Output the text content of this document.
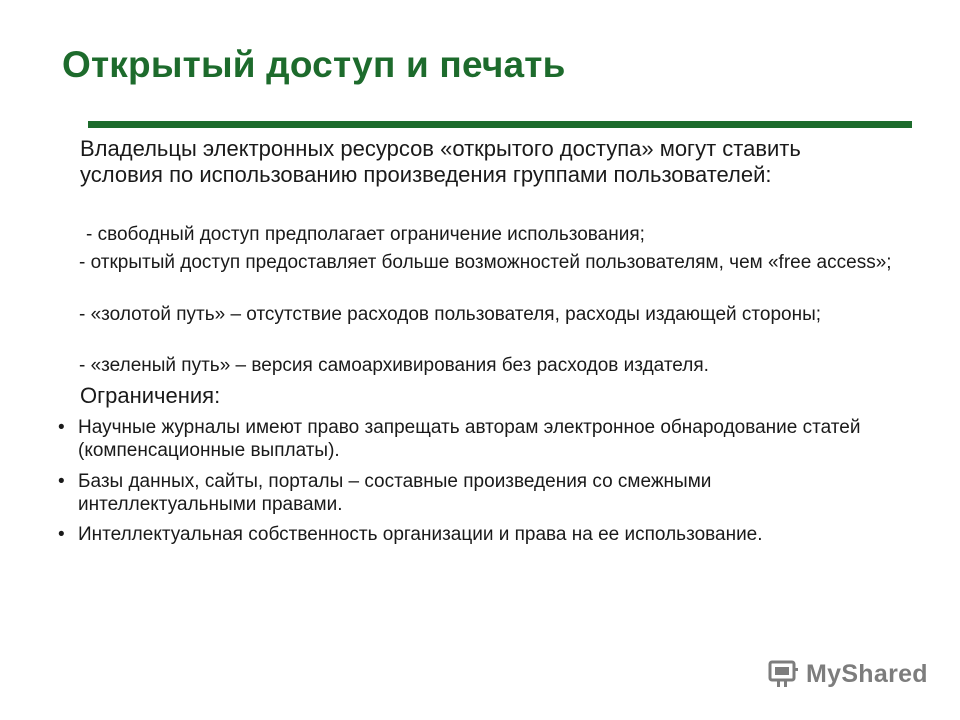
Открытый доступ и печать

Владельцы электронных ресурсов «открытого доступа» могут ставить условия по использованию произведения группами пользователей:

- свободный доступ предполагает ограничение использования;

- открытый доступ предоставляет больше возможностей пользователям, чем «free access»;

- «золотой путь» – отсутствие расходов пользователя, расходы издающей стороны;

- «зеленый путь» – версия самоархивирования без расходов издателя.

Ограничения:

• Научные журналы имеют право запрещать авторам электронное обнародование статей (компенсационные выплаты).
• Базы данных, сайты, порталы – составные произведения со смежными интеллектуальными правами.
• Интеллектуальная собственность организации и права на ее использование.
MyShared
